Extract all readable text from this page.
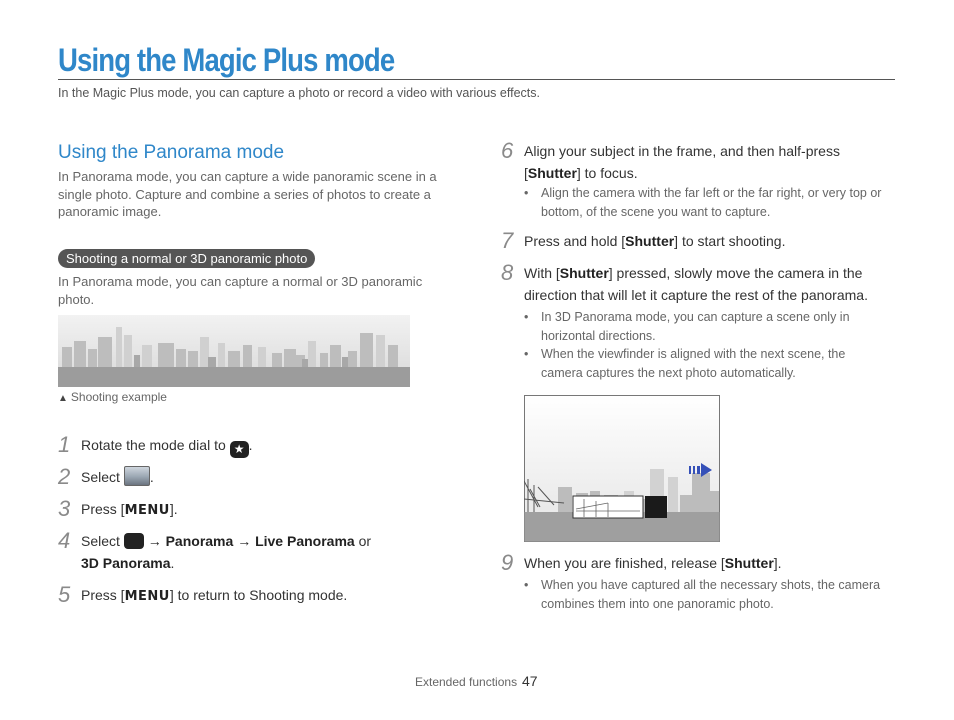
Using the Magic Plus mode
In the Magic Plus mode, you can capture a photo or record a video with various effects.
Using the Panorama mode
In Panorama mode, you can capture a wide panoramic scene in a single photo. Capture and combine a series of photos to create a panoramic image.
Shooting a normal or 3D panoramic photo
In Panorama mode, you can capture a normal or 3D panoramic photo.
▲ Shooting example
1 Rotate the mode dial to ★ .
2 Select .
3 Press [MENU].
4 Select → Panorama → Live Panorama or
3D Panorama.
5 Press [MENU] to return to Shooting mode.
6 Align your subject in the frame, and then half-press [Shutter] to focus.
• Align the camera with the far left or the far right, or very top or bottom, of the scene you want to capture.
7 Press and hold [Shutter] to start shooting.
8 With [Shutter] pressed, slowly move the camera in the direction that will let it capture the rest of the panorama.
• In 3D Panorama mode, you can capture a scene only in horizontal directions.
• When the viewfinder is aligned with the next scene, the camera captures the next photo automatically.
9 When you are finished, release [Shutter].
• When you have captured all the necessary shots, the camera combines them into one panoramic photo.
Extended functions 47
